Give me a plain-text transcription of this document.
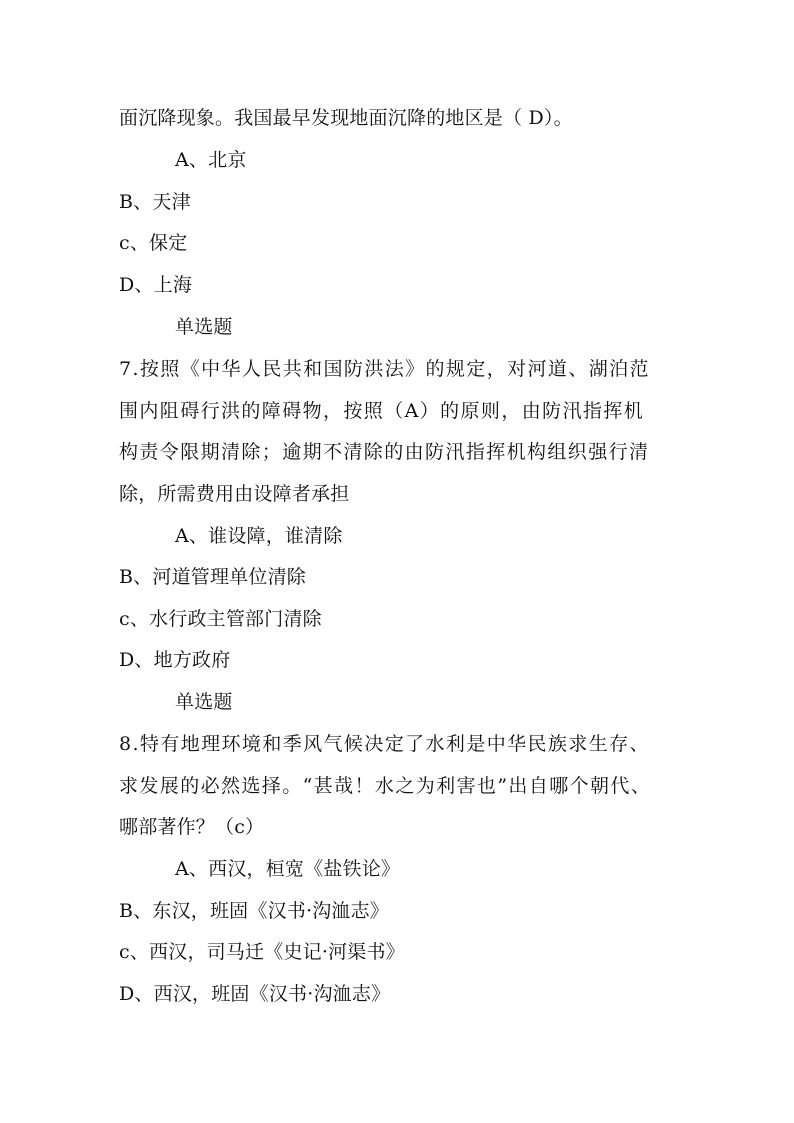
面沉降现象。我国最早发现地面沉降的地区是（ D）。
A、北京
B、天津
c、保定
D、上海
单选题
7.按照《中华人民共和国防洪法》的规定，对河道、湖泊范
围内阻碍行洪的障碍物，按照（A）的原则，由防汛指挥机
构责令限期清除；逾期不清除的由防汛指挥机构组织强行清
除，所需费用由设障者承担
A、谁设障，谁清除
B、河道管理单位清除
c、水行政主管部门清除
D、地方政府
单选题
8.特有地理环境和季风气候决定了水利是中华民族求生存、
求发展的必然选择。“甚哉！水之为利害也”出自哪个朝代、
哪部著作？（c）
A、西汉，桓宽《盐铁论》
B、东汉，班固《汉书·沟洫志》
c、西汉，司马迁《史记·河渠书》
D、西汉，班固《汉书·沟洫志》
